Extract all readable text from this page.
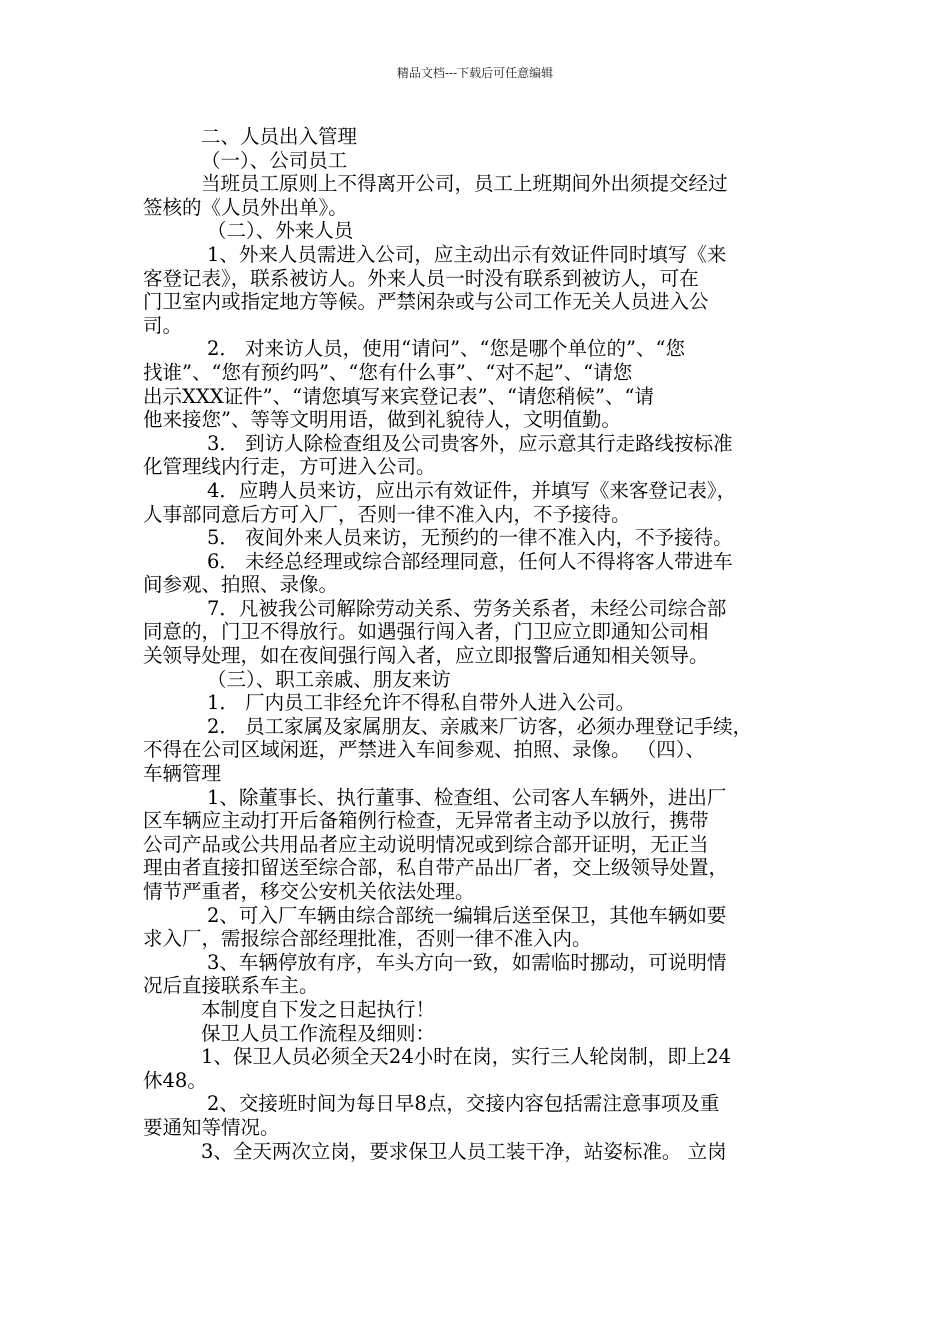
精品文档---下载后可任意编辑
二、人员出入管理
（一）、公司员工
当班员工原则上不得离开公司，员工上班期间外出须提交经过
签核的《人员外出单》。
（二）、外来人员
1、外来人员需进入公司，应主动出示有效证件同时填写《来
客登记表》，联系被访人。外来人员一时没有联系到被访人，可在
门卫室内或指定地方等候。严禁闲杂或与公司工作无关人员进入公
司。
2． 对来访人员，使用“请问”、“您是哪个单位的”、“您
找谁”、“您有预约吗”、“您有什么事”、“对不起”、“请您
出示XXX证件”、“请您填写来宾登记表”、“请您稍候”、“请
他来接您”、等等文明用语，做到礼貌待人，文明值勤。
3． 到访人除检查组及公司贵客外，应示意其行走路线按标准
化管理线内行走，方可进入公司。
4．应聘人员来访，应出示有效证件，并填写《来客登记表》，
人事部同意后方可入厂，否则一律不准入内，不予接待。
5． 夜间外来人员来访，无预约的一律不准入内，不予接待。
6． 未经总经理或综合部经理同意，任何人不得将客人带进车
间参观、拍照、录像。
7．凡被我公司解除劳动关系、劳务关系者，未经公司综合部
同意的，门卫不得放行。如遇强行闯入者，门卫应立即通知公司相
关领导处理，如在夜间强行闯入者，应立即报警后通知相关领导。
（三）、职工亲戚、朋友来访
1． 厂内员工非经允许不得私自带外人进入公司。
2． 员工家属及家属朋友、亲戚来厂访客，必须办理登记手续，
不得在公司区域闲逛，严禁进入车间参观、拍照、录像。 （四）、
车辆管理
1、除董事长、执行董事、检查组、公司客人车辆外，进出厂
区车辆应主动打开后备箱例行检查，无异常者主动予以放行，携带
公司产品或公共用品者应主动说明情况或到综合部开证明，无正当
理由者直接扣留送至综合部，私自带产品出厂者，交上级领导处置，
情节严重者，移交公安机关依法处理。
2、可入厂车辆由综合部统一编辑后送至保卫，其他车辆如要
求入厂，需报综合部经理批准，否则一律不准入内。
3、车辆停放有序，车头方向一致，如需临时挪动，可说明情
况后直接联系车主。
本制度自下发之日起执行！
保卫人员工作流程及细则：
1、保卫人员必须全天24小时在岗，实行三人轮岗制，即上24
休48。
2、交接班时间为每日早8点，交接内容包括需注意事项及重
要通知等情况。
3、全天两次立岗，要求保卫人员工装干净，站姿标准。 立岗
